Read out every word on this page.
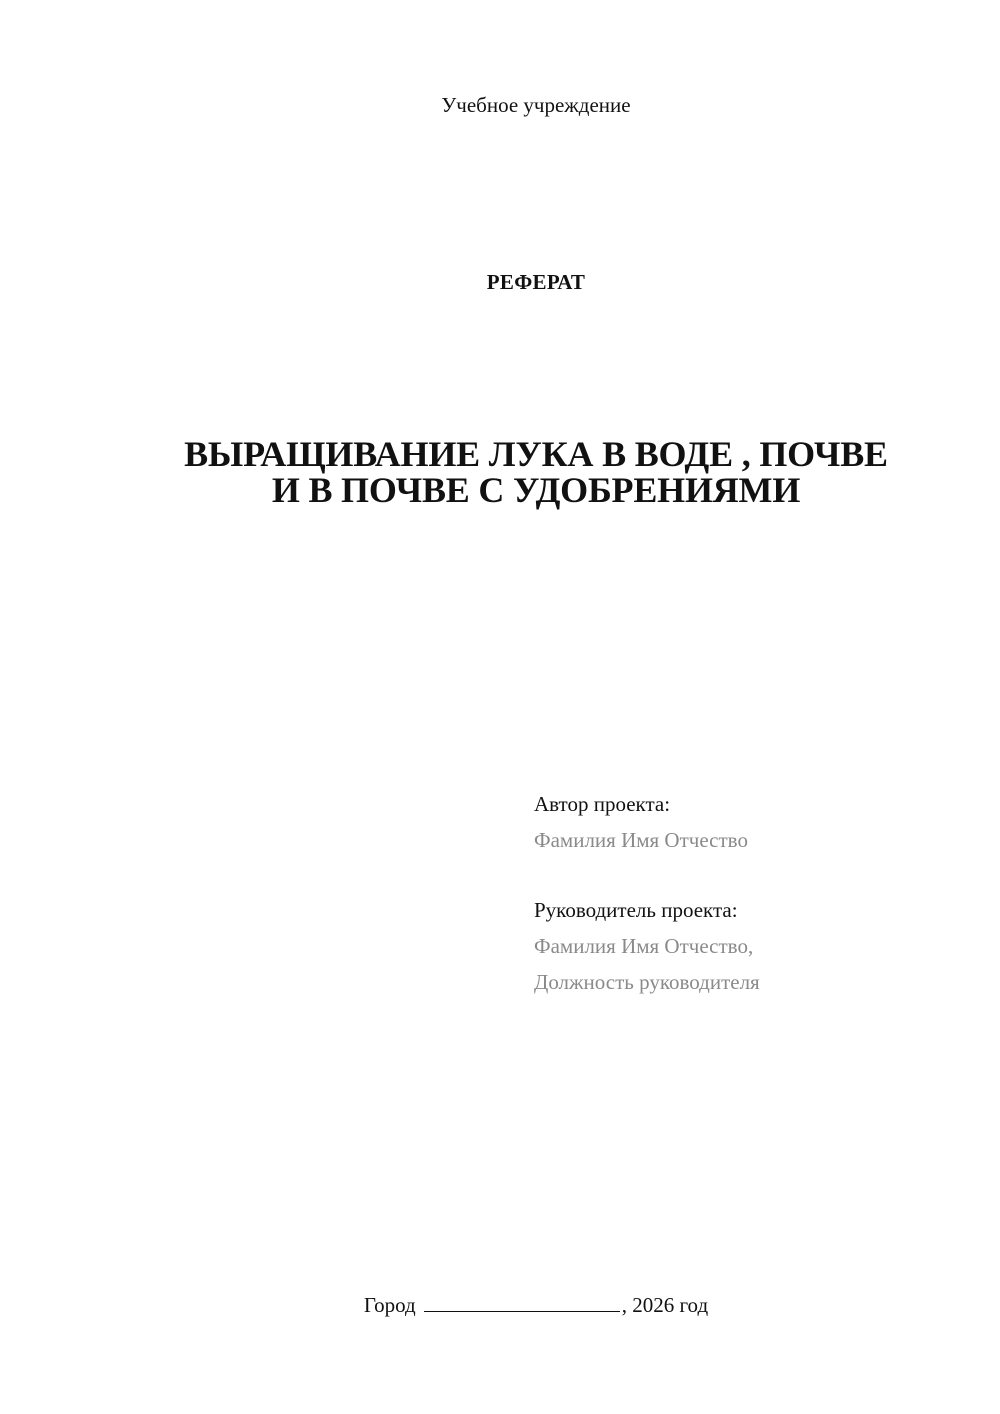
Учебное учреждение
РЕФЕРАТ
ВЫРАЩИВАНИЕ ЛУКА В ВОДЕ , ПОЧВЕ
И В ПОЧВЕ С УДОБРЕНИЯМИ
Автор проекта:
Фамилия Имя Отчество
Руководитель проекта:
Фамилия Имя Отчество,
Должность руководителя
Город	, 2026 год
